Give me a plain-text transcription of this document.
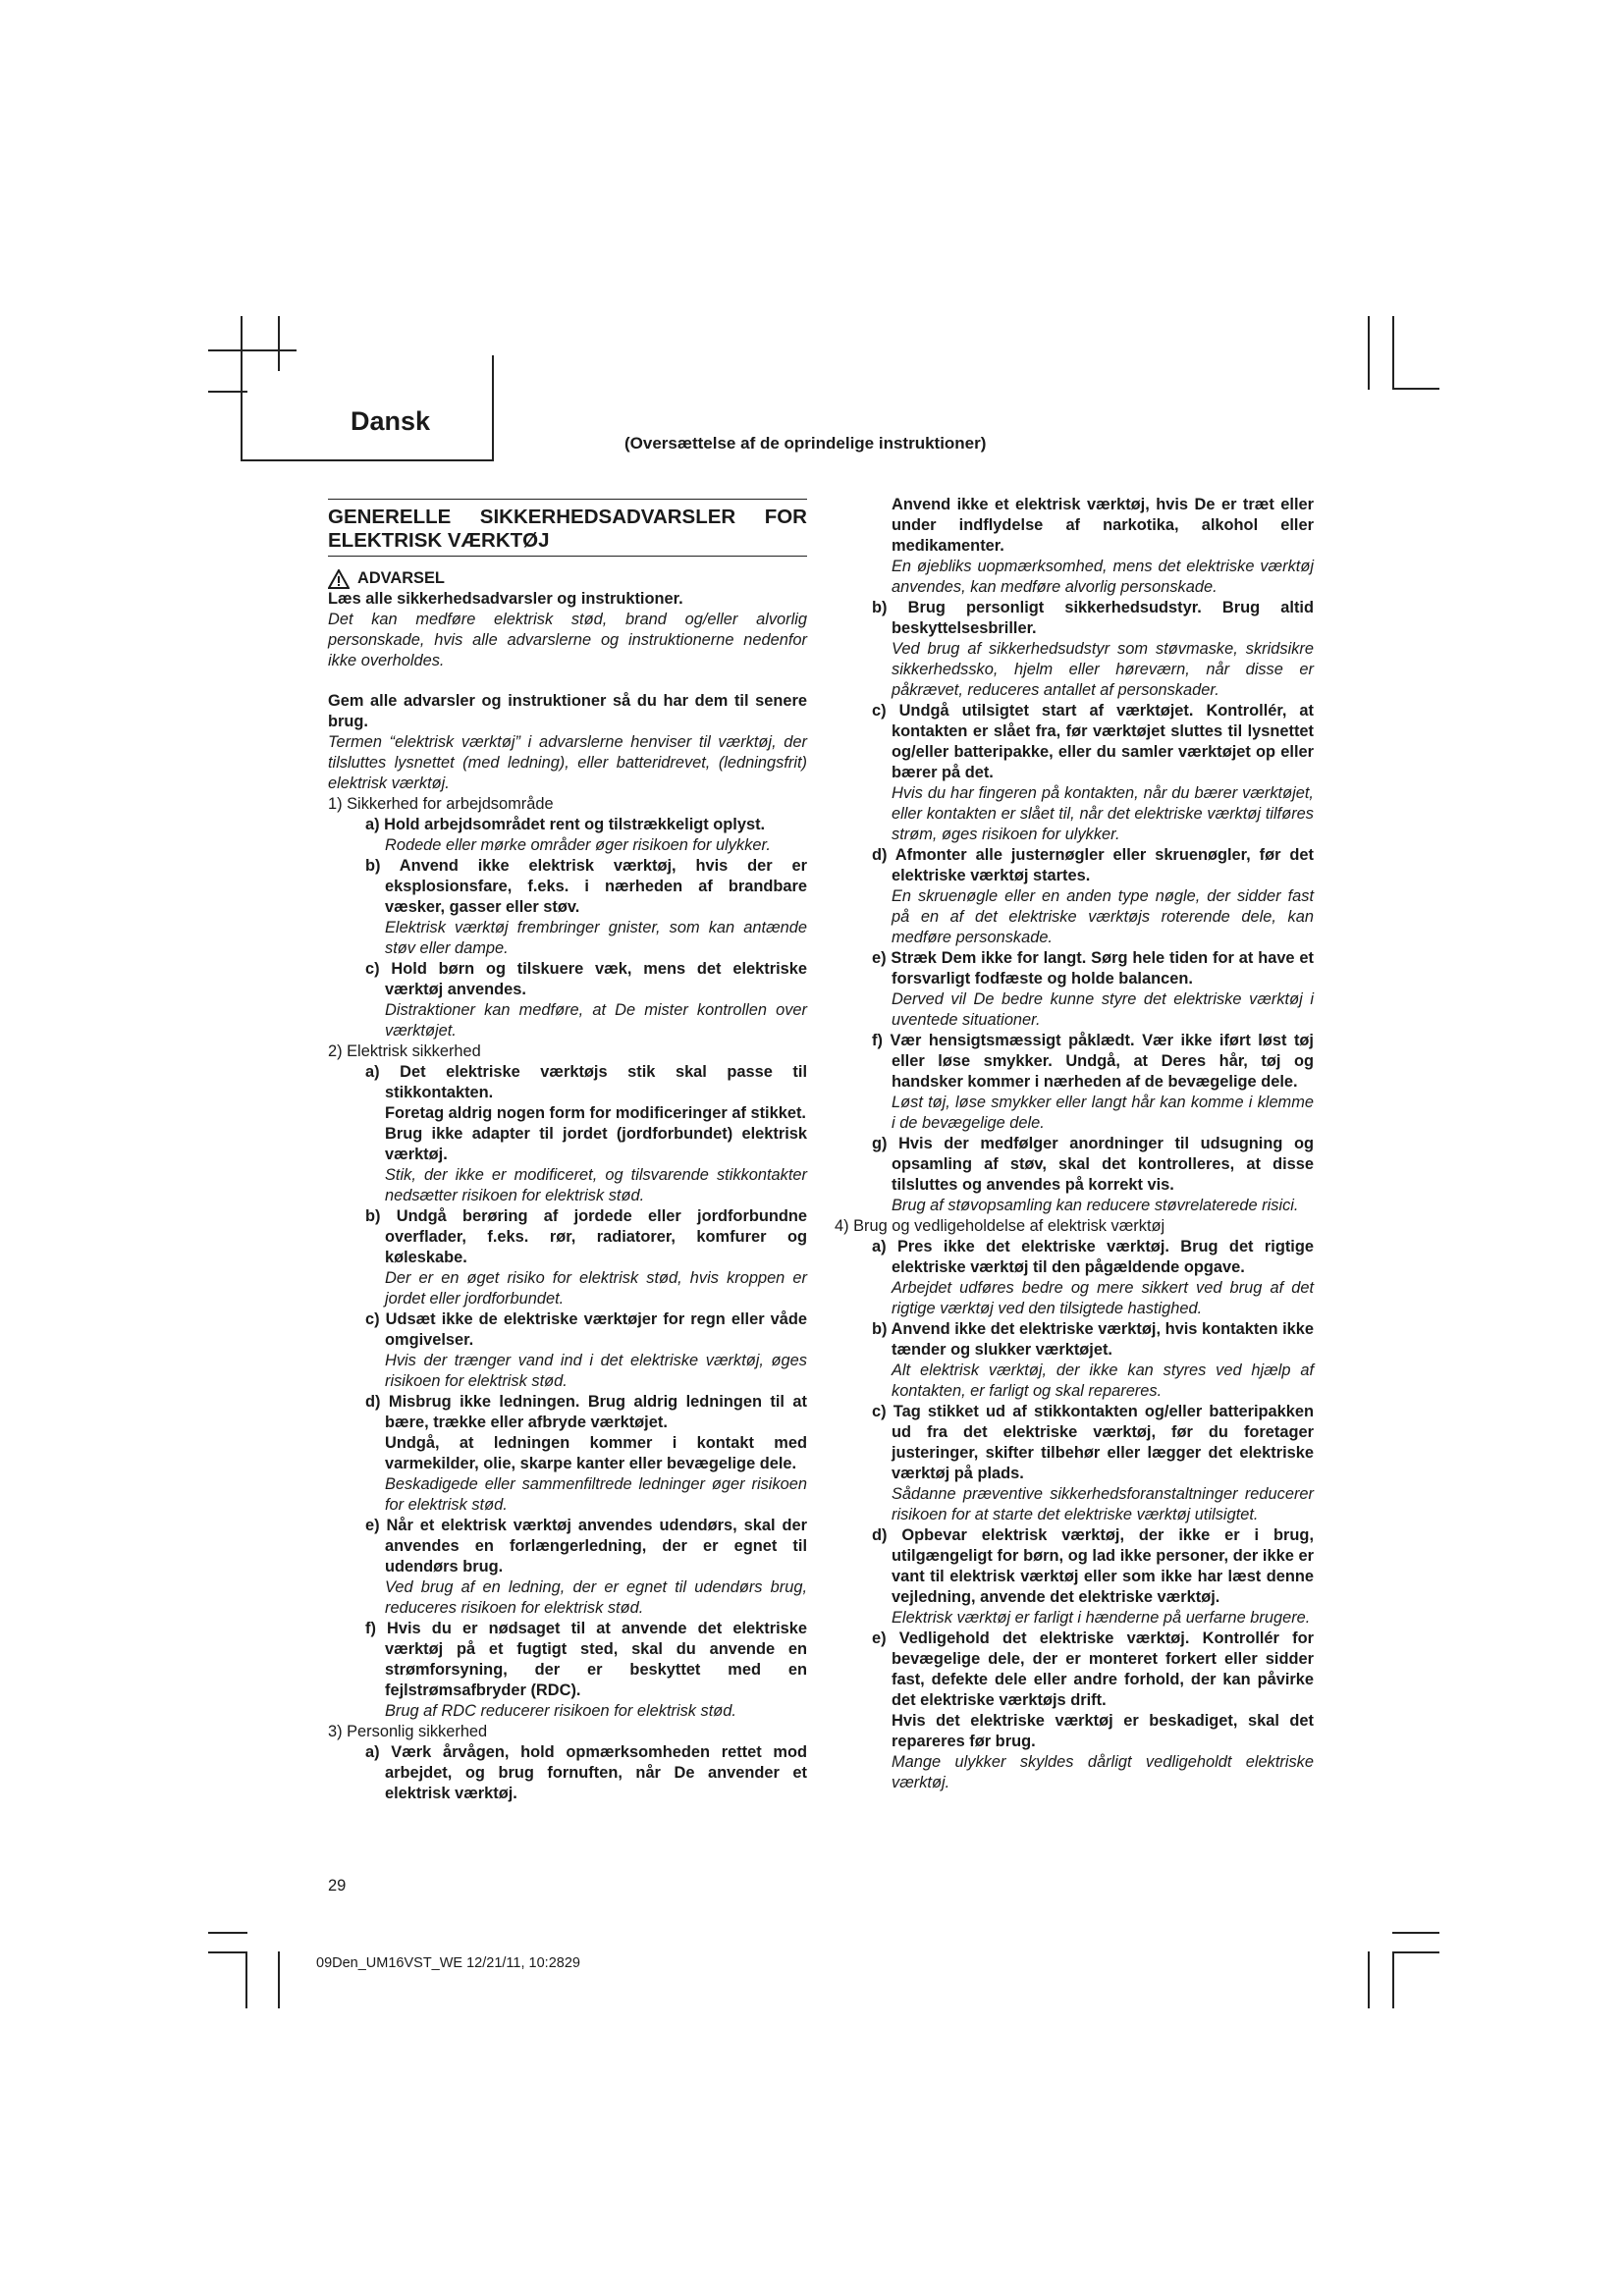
Dansk
(Oversættelse af de oprindelige instruktioner)
GENERELLE SIKKERHEDSADVARSLER FOR ELEKTRISK VÆRKTØJ
ADVARSEL

Læs alle sikkerhedsadvarsler og instruktioner.

Det kan medføre elektrisk stød, brand og/eller alvorlig personskade, hvis alle advarslerne og instruktionerne nedenfor ikke overholdes.

Gem alle advarsler og instruktioner så du har dem til senere brug.

Termen “elektrisk værktøj” i advarslerne henviser til værktøj, der tilsluttes lysnettet (med ledning), eller batteridrevet, (ledningsfrit) elektrisk værktøj.

1) Sikkerhed for arbejdsområde

a) Hold arbejdsområdet rent og tilstrækkeligt oplyst.

Rodede eller mørke områder øger risikoen for ulykker.

b) Anvend ikke elektrisk værktøj, hvis der er eksplosionsfare, f.eks. i nærheden af brandbare væsker, gasser eller støv.

Elektrisk værktøj frembringer gnister, som kan antænde støv eller dampe.

c) Hold børn og tilskuere væk, mens det elektriske værktøj anvendes.

Distraktioner kan medføre, at De mister kontrollen over værktøjet.

2) Elektrisk sikkerhed

a) Det elektriske værktøjs stik skal passe til stikkontakten.

Foretag aldrig nogen form for modificeringer af stikket.

Brug ikke adapter til jordet (jordforbundet) elektrisk værktøj.

Stik, der ikke er modificeret, og tilsvarende stikkontakter nedsætter risikoen for elektrisk stød.

b) Undgå berøring af jordede eller jordforbundne overflader, f.eks. rør, radiatorer, komfurer og køleskabe.

Der er en øget risiko for elektrisk stød, hvis kroppen er jordet eller jordforbundet.

c) Udsæt ikke de elektriske værktøjer for regn eller våde omgivelser.

Hvis der trænger vand ind i det elektriske værktøj, øges risikoen for elektrisk stød.

d) Misbrug ikke ledningen. Brug aldrig ledningen til at bære, trække eller afbryde værktøjet.

Undgå, at ledningen kommer i kontakt med varmekilder, olie, skarpe kanter eller bevægelige dele.

Beskadigede eller sammenfiltrede ledninger øger risikoen for elektrisk stød.

e) Når et elektrisk værktøj anvendes udendørs, skal der anvendes en forlængerledning, der er egnet til udendørs brug.

Ved brug af en ledning, der er egnet til udendørs brug, reduceres risikoen for elektrisk stød.

f) Hvis du er nødsaget til at anvende det elektriske værktøj på et fugtigt sted, skal du anvende en strømforsyning, der er beskyttet med en fejlstrømsafbryder (RDC).

Brug af RDC reducerer risikoen for elektrisk stød.

3) Personlig sikkerhed

a) Værk årvågen, hold opmærksomheden rettet mod arbejdet, og brug fornuften, når De anvender et elektrisk værktøj.

Anvend ikke et elektrisk værktøj, hvis De er træt eller under indflydelse af narkotika, alkohol eller medikamenter.

En øjebliks uopmærksomhed, mens det elektriske værktøj anvendes, kan medføre alvorlig personskade.

b) Brug personligt sikkerhedsudstyr. Brug altid beskyttelsesbriller.

Ved brug af sikkerhedsudstyr som støvmaske, skridsikre sikkerhedssko, hjelm eller høreværn, når disse er påkrævet, reduceres antallet af personskader.

c) Undgå utilsigtet start af værktøjet. Kontrollér, at kontakten er slået fra, før værktøjet sluttes til lysnettet og/eller batteripakke, eller du samler værktøjet op eller bærer på det.

Hvis du har fingeren på kontakten, når du bærer værktøjet, eller kontakten er slået til, når det elektriske værktøj tilføres strøm, øges risikoen for ulykker.

d) Afmonter alle justernøgler eller skruenøgler, før det elektriske værktøj startes.

En skruenøgle eller en anden type nøgle, der sidder fast på en af det elektriske værktøjs roterende dele, kan medføre personskade.

e) Stræk Dem ikke for langt. Sørg hele tiden for at have et forsvarligt fodfæste og holde balancen.

Derved vil De bedre kunne styre det elektriske værktøj i uventede situationer.

f) Vær hensigtsmæssigt påklædt. Vær ikke iført løst tøj eller løse smykker. Undgå, at Deres hår, tøj og handsker kommer i nærheden af de bevægelige dele.

Løst tøj, løse smykker eller langt hår kan komme i klemme i de bevægelige dele.

g) Hvis der medfølger anordninger til udsugning og opsamling af støv, skal det kontrolleres, at disse tilsluttes og anvendes på korrekt vis.

Brug af støvopsamling kan reducere støvrelaterede risici.

4) Brug og vedligeholdelse af elektrisk værktøj

a) Pres ikke det elektriske værktøj. Brug det rigtige elektriske værktøj til den pågældende opgave.

Arbejdet udføres bedre og mere sikkert ved brug af det rigtige værktøj ved den tilsigtede hastighed.

b) Anvend ikke det elektriske værktøj, hvis kontakten ikke tænder og slukker værktøjet.

Alt elektrisk værktøj, der ikke kan styres ved hjælp af kontakten, er farligt og skal repareres.

c) Tag stikket ud af stikkontakten og/eller batteripakken ud fra det elektriske værktøj, før du foretager justeringer, skifter tilbehør eller lægger det elektriske værktøj på plads.

Sådanne præventive sikkerhedsforanstaltninger reducerer risikoen for at starte det elektriske værktøj utilsigtet.

d) Opbevar elektrisk værktøj, der ikke er i brug, utilgængeligt for børn, og lad ikke personer, der ikke er vant til elektrisk værktøj eller som ikke har læst denne vejledning, anvende det elektriske værktøj.

Elektrisk værktøj er farligt i hænderne på uerfarne brugere.

e) Vedligehold det elektriske værktøj. Kontrollér for bevægelige dele, der er monteret forkert eller sidder fast, defekte dele eller andre forhold, der kan påvirke det elektriske værktøjs drift.

Hvis det elektriske værktøj er beskadiget, skal det repareres før brug.

Mange ulykker skyldes dårligt vedligeholdt elektriske værktøj.

29
09Den_UM16VST_WE 12/21/11, 10:2829
